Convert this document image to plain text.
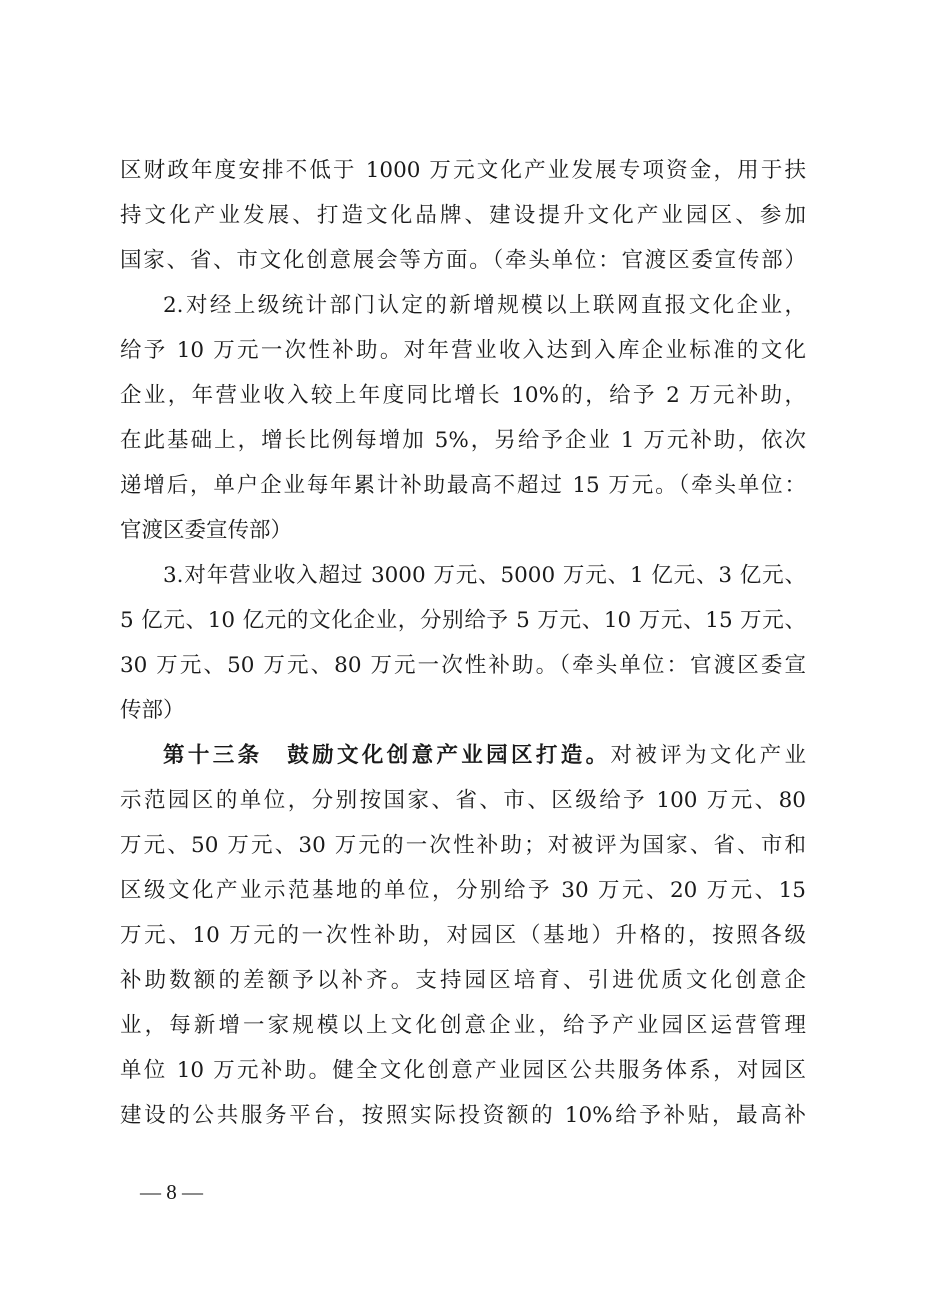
区财政年度安排不低于 1000 万元文化产业发展专项资金，用于扶
持文化产业发展、打造文化品牌、建设提升文化产业园区、参加
国家、省、市文化创意展会等方面。（牵头单位：官渡区委宣传部）
2.对经上级统计部门认定的新增规模以上联网直报文化企业，
给予 10 万元一次性补助。对年营业收入达到入库企业标准的文化
企业，年营业收入较上年度同比增长 10%的，给予 2 万元补助，
在此基础上，增长比例每增加 5%，另给予企业 1 万元补助，依次
递增后，单户企业每年累计补助最高不超过 15 万元。（牵头单位：
官渡区委宣传部）
3.对年营业收入超过 3000 万元、5000 万元、1 亿元、3 亿元、
5 亿元、10 亿元的文化企业，分别给予 5 万元、10 万元、15 万元、
30 万元、50 万元、80 万元一次性补助。（牵头单位：官渡区委宣
传部）
第十三条　鼓励文化创意产业园区打造。对被评为文化产业
示范园区的单位，分别按国家、省、市、区级给予 100 万元、80
万元、50 万元、30 万元的一次性补助；对被评为国家、省、市和
区级文化产业示范基地的单位，分别给予 30 万元、20 万元、15
万元、10 万元的一次性补助，对园区（基地）升格的，按照各级
补助数额的差额予以补齐。支持园区培育、引进优质文化创意企
业，每新增一家规模以上文化创意企业，给予产业园区运营管理
单位 10 万元补助。健全文化创意产业园区公共服务体系，对园区
建设的公共服务平台，按照实际投资额的 10%给予补贴，最高补
— 8 —
